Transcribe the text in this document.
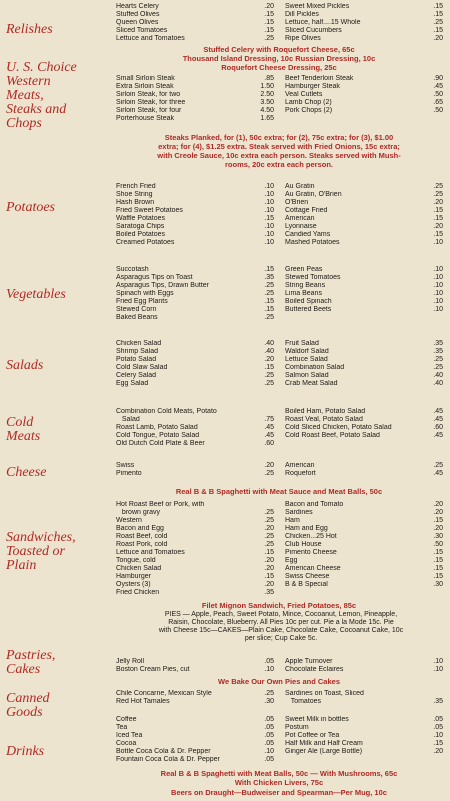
Relishes
U. S. Choice
Western
Meats,
Steaks and
Chops
Potatoes
Vegetables
Salads
Cold
Meats
Cheese
Sandwiches,
Toasted or
Plain
Pastries,
Cakes
Canned
Goods
Drinks
Hearts Celery	.20
Stuffed Olives	.15
Queen Olives	.15
Sliced Tomatoes	.15
Lettuce and Tomatoes	.25
Sweet Mixed Pickles	.15
Dill Pickles	.15
Lettuce, half....15 Whole	.25
Sliced Cucumbers	.15
Ripe Olives	.20
Stuffed Celery with Roquefort Cheese, 65c
Thousand Island Dressing, 10c Russian Dressing, 10c
Roquefort Cheese Dressing, 25c
Small Sirloin Steak	.85
Extra Sirloin Steak	1.50
Sirloin Steak, for two	2.50
Sirloin Steak, for three	3.50
Sirloin Steak, for four	4.50
Porterhouse Steak	1.65
Beef Tenderloin Steak	.90
Hamburger Steak	.45
Veal Cutlets	.50
Lamb Chop (2)	.65
Pork Chops (2)	.50
Steaks Planked, for (1), 50c extra; for (2), 75c extra; for (3), $1.00
extra; for (4), $1.25 extra. Steak served with Fried Onions, 15c extra;
with Creole Sauce, 10c extra each person. Steaks served with Mush-
rooms, 20c extra each person.
French Fried	.10
Shoe String	.10
Hash Brown	.10
Fried Sweet Potatoes	.10
Waffle Potatoes	.15
Saratoga Chips	.10
Boiled Potatoes	.10
Creamed Potatoes	.10
Au Gratin	.25
Au Gratin, O'Brien	.25
O'Brien	.20
Cottage Fried	.15
American	.15
Lyonnaise	.20
Candied Yams	.15
Mashed Potatoes	.10
Succotash	.15
Asparagus Tips on Toast	.35
Asparagus Tips, Drawn Butter	.25
Spinach with Eggs	.25
Fried Egg Plants	.15
Stewed Corn	.15
Baked Beans	.25
Green Peas	.10
Stewed Tomatoes	.10
String Beans	.10
Lima Beans	.10
Boiled Spinach	.10
Buttered Beets	.10
Chicken Salad	.40
Shrimp Salad	.40
Potato Salad	.20
Cold Slaw Salad	.15
Celery Salad	.25
Egg Salad	.25
Fruit Salad	.35
Waldorf Salad	.35
Lettuce Salad	.25
Combination Salad	.25
Salmon Salad	.40
Crab Meat Salad	.40
Combination Cold Meats, Potato
Salad	.75
Roast Lamb, Potato Salad	.45
Cold Tongue, Potato Salad	.45
Old Dutch Cold Plate & Beer	.60
Boiled Ham, Potato Salad	.45
Roast Veal, Potato Salad	.45
Cold Sliced Chicken, Potato Salad	.60
Cold Roast Beef, Potato Salad	.45
Swiss	.20
Pimento	.25
American	.25
Roquefort	.45
Real B & B Spaghetti with Meat Sauce and Meat Balls, 50c
Hot Roast Beef or Pork, with
brown gravy	.25
Western	.25
Bacon and Egg	.20
Roast Beef, cold	.25
Roast Pork, cold	.25
Lettuce and Tomatoes	.15
Tongue, cold	.20
Chicken Salad	.20
Hamburger	.15
Oysters (3)	.20
Fried Chicken	.35
Bacon and Tomato	.20
Sardines	.20
Ham	.15
Ham and Egg	.20
Chicken...25 Hot	.30
Club House	.50
Pimento Cheese	.15
Egg	.15
American Cheese	.15
Swiss Cheese	.15
B & B Special	.30
Filet Mignon Sandwich, Fried Potatoes, 85c
PIES — Apple, Peach, Sweet Potato, Mince, Cocoanut, Lemon, Pineapple,
Raisin, Chocolate, Blueberry. All Pies 10c per cut. Pie a la Mode 15c. Pie
with Cheese 15c—CAKES—Plain Cake, Chocolate Cake, Cocoanut Cake, 10c
per slice; Cup Cake 5c.
Jelly Roll	.05
Boston Cream Pies, cut	.10
Apple Turnover	.10
Chocolate Eclaires	.10
We Bake Our Own Pies and Cakes
Chile Concarne, Mexican Style	.25
Red Hot Tamales	.30
Sardines on Toast, Sliced
Tomatoes	.35
Coffee	.05
Tea	.05
Iced Tea	.05
Cocoa	.05
Bottle Coca Cola & Dr. Pepper	.10
Fountain Coca Cola & Dr. Pepper	.05
Sweet Milk in bottles	.05
Postum	.05
Pot Coffee or Tea	.10
Half Milk and Half Cream	.15
Ginger Ale (Large Bottle)	.20
Real B & B Spaghetti with Meat Balls, 50c — With Mushrooms, 65c
With Chicken Livers, 75c
Beers on Draught—Budweiser and Spearman—Per Mug, 10c
